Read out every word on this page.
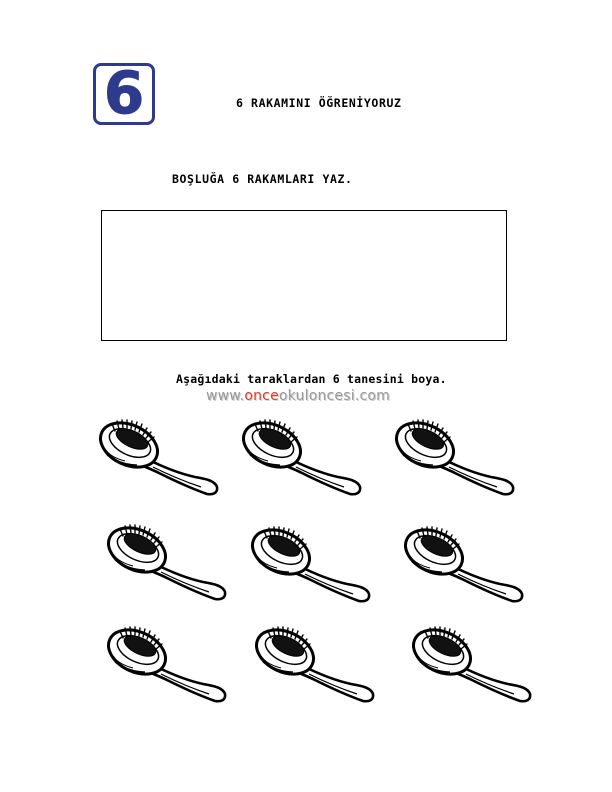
6	6 RAKAMINI ÖĞRENİYORUZ
BOŞLUĞA 6 RAKAMLARI YAZ.
Aşağıdaki taraklardan 6 tanesini boya.
www.onceokuloncesi.com
